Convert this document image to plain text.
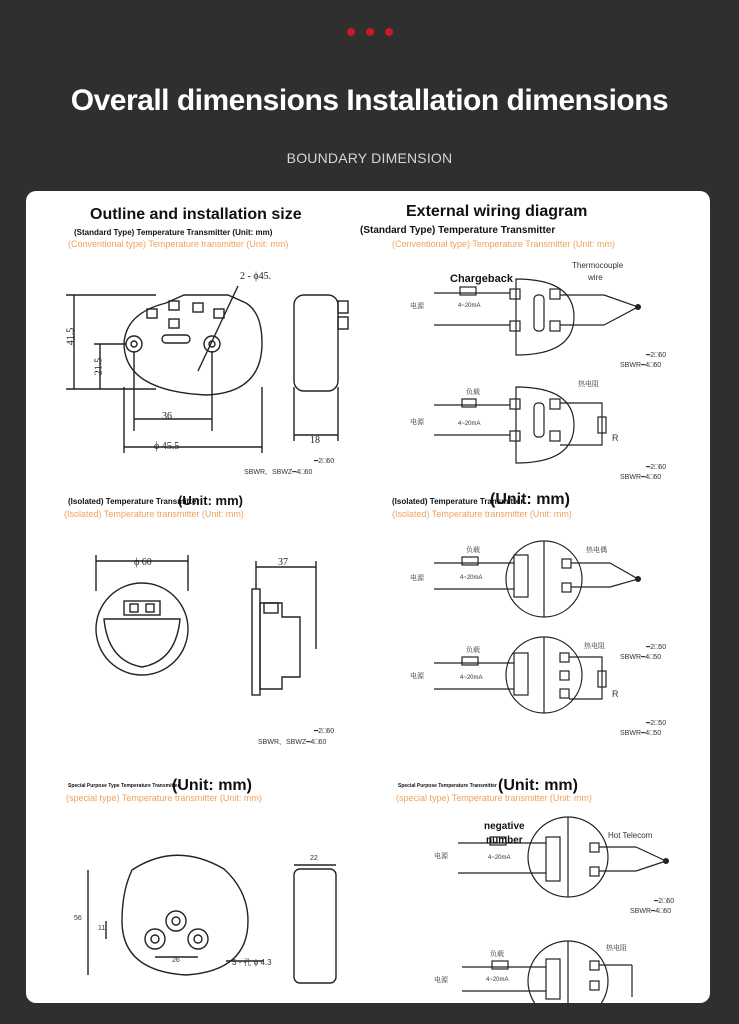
Overall dimensions Installation dimensions
BOUNDARY DIMENSION
Outline and installation size
(Standard Type) Temperature Transmitter (Unit: mm)
(Conventional type) Temperature transmitter (Unit: mm)
2 - ϕ45.
41.5
21.5
36
ϕ 45.5
18
━2□60
SBWR、SBWZ━4□60
(Isolated) Temperature Transmitter
(Unit: mm)
(Isolated) Temperature transmitter (Unit: mm)
ϕ 60	37
━2□60
SBWR、SBWZ━4□60
Special Purpose Type Temperature Transmitter
(Unit: mm)
(special type) Temperature transmitter (Unit: mm)
22
56
11
26	3 - 孔 ϕ 4.3
External wiring diagram
(Standard Type) Temperature Transmitter
(Conventional type) Temperature Transmitter (Unit: mm)
Chargeback
Thermocouple
wire
电源	4~20mA
━2□60
SBWR━4□60
负载
热电阻
电源	4~20mA
R
━2□60
SBWR━4□60
(Isolated) Temperature Transmitter
(Unit: mm)
(Isolated) Temperature transmitter (Unit: mm)
负载	热电偶
电源	4~20mA
负载
热电阻
电源	4~20mA
R
━2□50
SBWR━4□50
━2□50
SBWR━4□50
Special Purpose Temperature Transmitter (Unit: mm)
(special type) Temperature transmitter (Unit: mm)
negative
number	Hot Telecom
电源	4~20mA
━2□60
SBWR━4□60
负载
热电阻
电源	4~20mA
